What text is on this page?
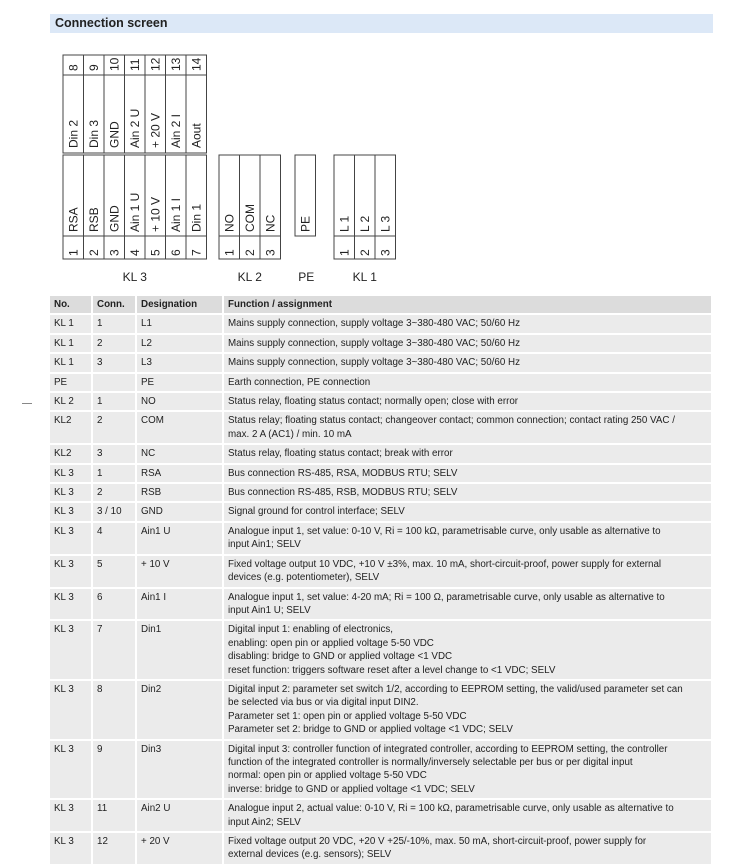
Connection screen
8
Din 2
9
Din 3
10
GND
11
Ain 2 U
12
+ 20 V
13
Ain 2 I
14
Aout
RSA
1
RSB
2
GND
3
Ain 1 U
4
+ 10 V
5
Ain 1 I
6
Din 1
7
KL 3
NO
1
COM
2
NC
3
KL 2
PE
PE
L 1
1
L 2
2
L 3
3
KL 1
No.	Conn.	Designation	Function / assignment
KL 1	1	L1	Mains supply connection, supply voltage 3~380-480 VAC; 50/60 Hz
KL 1	2	L2	Mains supply connection, supply voltage 3~380-480 VAC; 50/60 Hz
KL 1	3	L3	Mains supply connection, supply voltage 3~380-480 VAC; 50/60 Hz
PE		PE	Earth connection, PE connection
KL 2	1	NO	Status relay, floating status contact; normally open; close with error
KL2	2	COM	Status relay; floating status contact; changeover contact; common connection; contact rating 250 VAC /
max. 2 A (AC1) / min. 10 mA
KL2	3	NC	Status relay, floating status contact; break with error
KL 3	1	RSA	Bus connection RS-485, RSA, MODBUS RTU; SELV
KL 3	2	RSB	Bus connection RS-485, RSB, MODBUS RTU; SELV
KL 3	3 / 10	GND	Signal ground for control interface; SELV
KL 3	4	Ain1 U	Analogue input 1, set value: 0-10 V, Ri = 100 kΩ, parametrisable curve, only usable as alternative to
input Ain1; SELV
KL 3	5	+ 10 V	Fixed voltage output 10 VDC, +10 V ±3%, max. 10 mA, short-circuit-proof, power supply for external
devices (e.g. potentiometer), SELV
KL 3	6	Ain1 I	Analogue input 1, set value: 4-20 mA; Ri = 100 Ω, parametrisable curve, only usable as alternative to
input Ain1 U; SELV
KL 3	7	Din1	Digital input 1: enabling of electronics,
enabling: open pin or applied voltage 5-50 VDC
disabling: bridge to GND or applied voltage <1 VDC
reset function: triggers software reset after a level change to <1 VDC; SELV
KL 3	8	Din2	Digital input 2: parameter set switch 1/2, according to EEPROM setting, the valid/used parameter set can
be selected via bus or via digital input DIN2.
Parameter set 1: open pin or applied voltage 5-50 VDC
Parameter set 2: bridge to GND or applied voltage <1 VDC; SELV
KL 3	9	Din3	Digital input 3: controller function of integrated controller, according to EEPROM setting, the controller
function of the integrated controller is normally/inversely selectable per bus or per digital input
normal: open pin or applied voltage 5-50 VDC
inverse: bridge to GND or applied voltage <1 VDC; SELV
KL 3	11	Ain2 U	Analogue input 2, actual value: 0-10 V, Ri = 100 kΩ, parametrisable curve, only usable as alternative to
input Ain2; SELV
KL 3	12	+ 20 V	Fixed voltage output 20 VDC, +20 V +25/-10%, max. 50 mA, short-circuit-proof, power supply for
external devices (e.g. sensors); SELV
